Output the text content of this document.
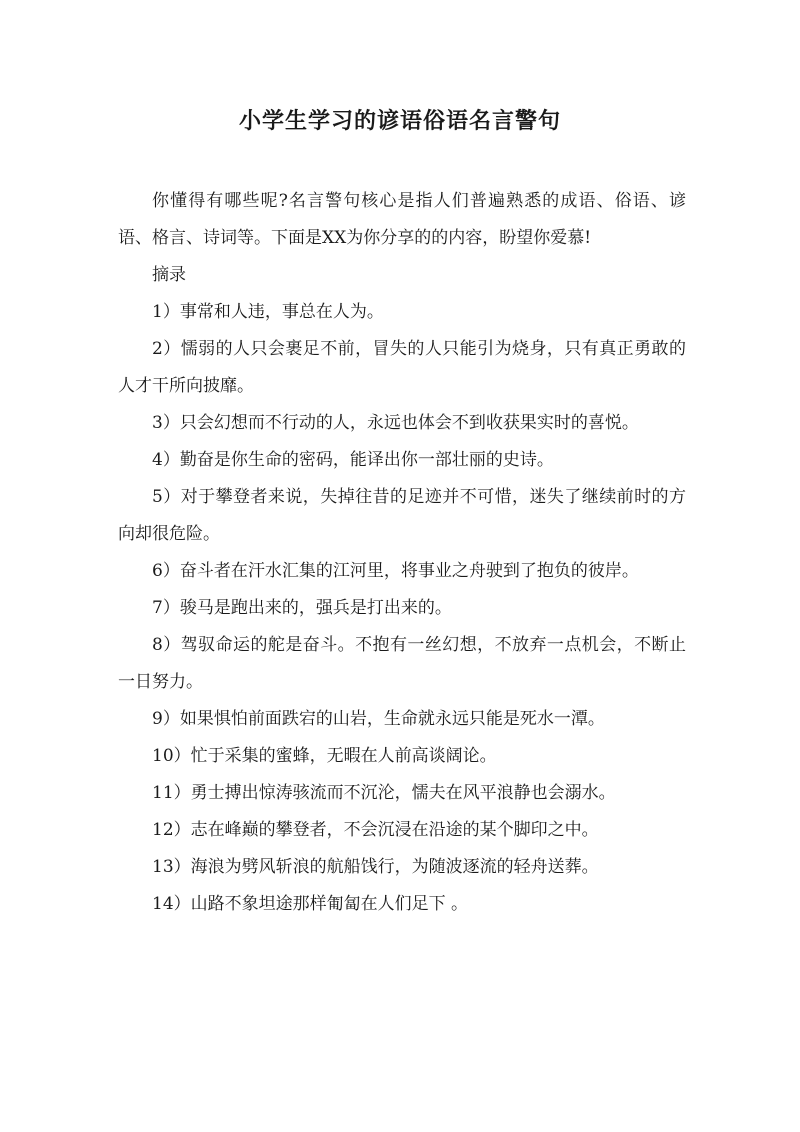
小学生学习的谚语俗语名言警句

你懂得有哪些呢?名言警句核心是指人们普遍熟悉的成语、俗语、谚语、格言、诗词等。下面是XX为你分享的的内容，盼望你爱慕!

摘录

1）事常和人违，事总在人为。

2）懦弱的人只会裹足不前，冒失的人只能引为烧身，只有真正勇敢的人才干所向披靡。

3）只会幻想而不行动的人，永远也体会不到收获果实时的喜悦。

4）勤奋是你生命的密码，能译出你一部壮丽的史诗。

5）对于攀登者来说，失掉往昔的足迹并不可惜，迷失了继续前时的方向却很危险。

6）奋斗者在汗水汇集的江河里，将事业之舟驶到了抱负的彼岸。

7）骏马是跑出来的，强兵是打出来的。

8）驾驭命运的舵是奋斗。不抱有一丝幻想，不放弃一点机会，不断止一日努力。

9）如果惧怕前面跌宕的山岩，生命就永远只能是死水一潭。

10）忙于采集的蜜蜂，无暇在人前高谈阔论。

11）勇士搏出惊涛骇流而不沉沦，懦夫在风平浪静也会溺水。

12）志在峰巅的攀登者，不会沉浸在沿途的某个脚印之中。

13）海浪为劈风斩浪的航船饯行，为随波逐流的轻舟送葬。

14）山路不象坦途那样匍匐在人们足下 。
